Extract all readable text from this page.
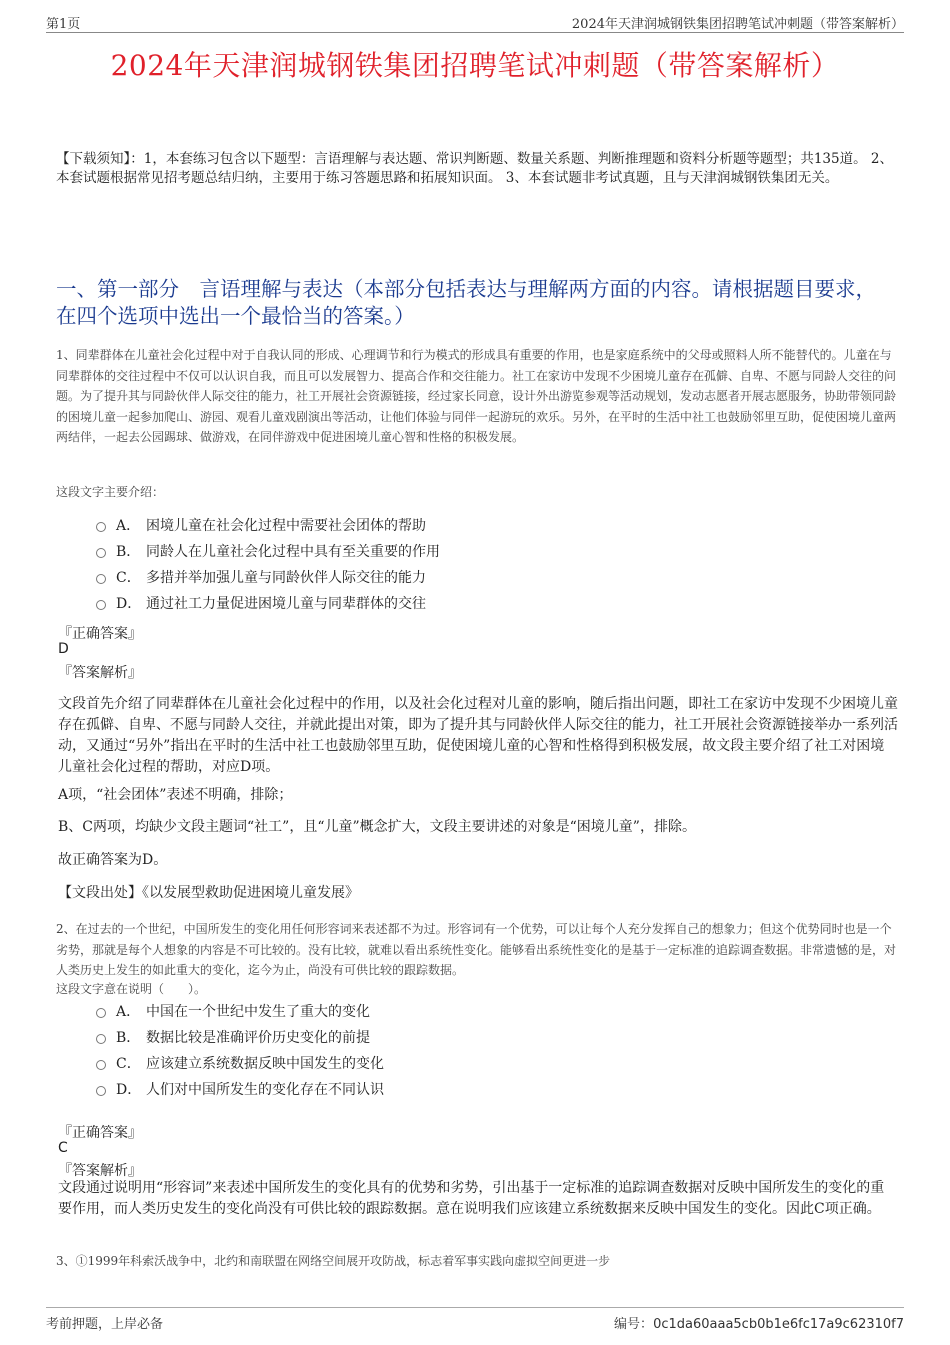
第1页	2024年天津润城钢铁集团招聘笔试冲刺题（带答案解析）
2024年天津润城钢铁集团招聘笔试冲刺题（带答案解析）
【下载须知】：1，本套练习包含以下题型：言语理解与表达题、常识判断题、数量关系题、判断推理题和资料分析题等题型；共135道。 2、本套试题根据常见招考题总结归纳，主要用于练习答题思路和拓展知识面。 3、本套试题非考试真题，且与天津润城钢铁集团无关。
一、第一部分　言语理解与表达（本部分包括表达与理解两方面的内容。请根据题目要求，在四个选项中选出一个最恰当的答案。）
1、同辈群体在儿童社会化过程中对于自我认同的形成、心理调节和行为模式的形成具有重要的作用，也是家庭系统中的父母或照料人所不能替代的。儿童在与同辈群体的交往过程中不仅可以认识自我，而且可以发展智力、提高合作和交往能力。社工在家访中发现不少困境儿童存在孤僻、自卑、不愿与同龄人交往的问题。为了提升其与同龄伙伴人际交往的能力，社工开展社会资源链接，经过家长同意，设计外出游览参观等活动规划，发动志愿者开展志愿服务，协助带领同龄的困境儿童一起参加爬山、游园、观看儿童戏剧演出等活动，让他们体验与同伴一起游玩的欢乐。另外，在平时的生活中社工也鼓励邻里互助，促使困境儿童两两结伴，一起去公园踢球、做游戏，在同伴游戏中促进困境儿童心智和性格的积极发展。
这段文字主要介绍：
A． 困境儿童在社会化过程中需要社会团体的帮助
B． 同龄人在儿童社会化过程中具有至关重要的作用
C． 多措并举加强儿童与同龄伙伴人际交往的能力
D． 通过社工力量促进困境儿童与同辈群体的交往
『正确答案』
D
『答案解析』
文段首先介绍了同辈群体在儿童社会化过程中的作用，以及社会化过程对儿童的影响，随后指出问题，即社工在家访中发现不少困境儿童存在孤僻、自卑、不愿与同龄人交往，并就此提出对策，即为了提升其与同龄伙伴人际交往的能力，社工开展社会资源链接举办一系列活动，又通过“另外”指出在平时的生活中社工也鼓励邻里互助，促使困境儿童的心智和性格得到积极发展，故文段主要介绍了社工对困境儿童社会化过程的帮助，对应D项。
A项，“社会团体”表述不明确，排除；
B、C两项，均缺少文段主题词“社工”，且“儿童”概念扩大，文段主要讲述的对象是“困境儿童”，排除。
故正确答案为D。
【文段出处】《以发展型救助促进困境儿童发展》
2、在过去的一个世纪，中国所发生的变化用任何形容词来表述都不为过。形容词有一个优势，可以让每个人充分发挥自己的想象力；但这个优势同时也是一个劣势，那就是每个人想象的内容是不可比较的。没有比较，就难以看出系统性变化。能够看出系统性变化的是基于一定标准的追踪调查数据。非常遗憾的是，对人类历史上发生的如此重大的变化，迄今为止，尚没有可供比较的跟踪数据。
这段文字意在说明（　　）。
A． 中国在一个世纪中发生了重大的变化
B． 数据比较是准确评价历史变化的前提
C． 应该建立系统数据反映中国发生的变化
D． 人们对中国所发生的变化存在不同认识
『正确答案』
C
『答案解析』
文段通过说明用“形容词”来表述中国所发生的变化具有的优势和劣势，引出基于一定标准的追踪调查数据对反映中国所发生的变化的重要作用，而人类历史发生的变化尚没有可供比较的跟踪数据。意在说明我们应该建立系统数据来反映中国发生的变化。因此C项正确。
3、①1999年科索沃战争中，北约和南联盟在网络空间展开攻防战，标志着军事实践向虚拟空间更进一步
考前押题，上岸必备	编号：0c1da60aaa5cb0b1e6fc17a9c62310f7
